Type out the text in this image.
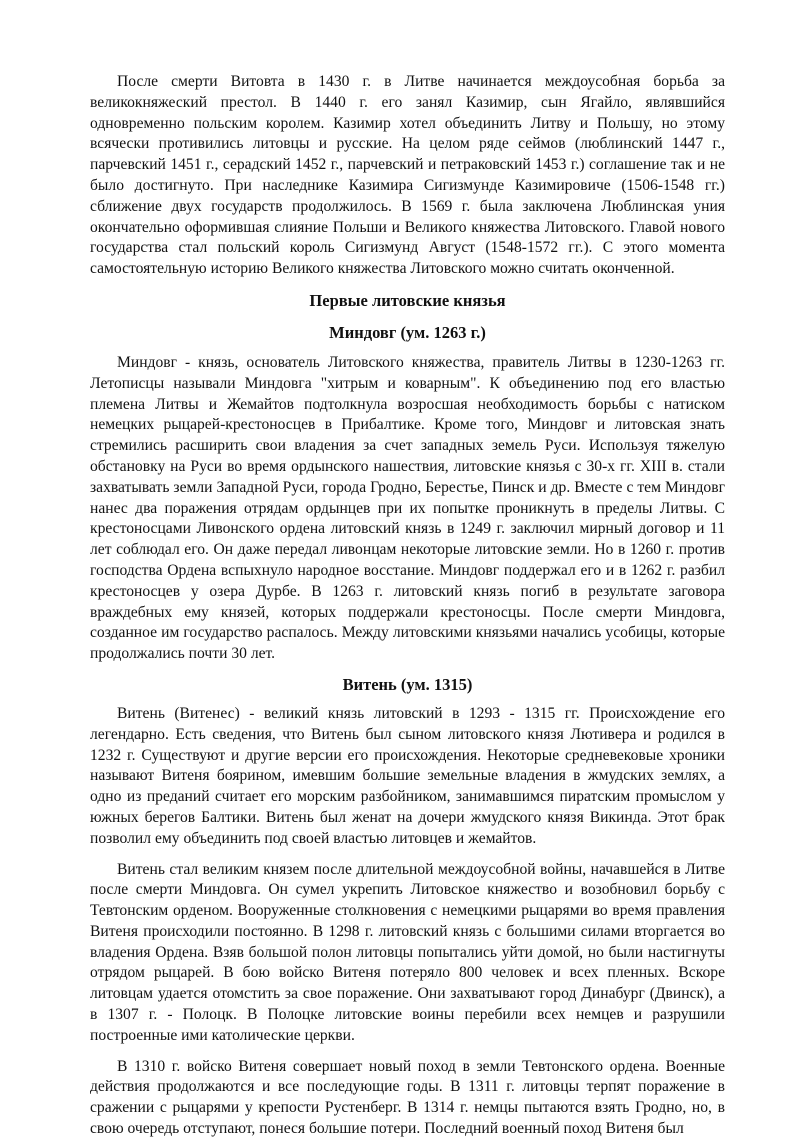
После смерти Витовта в 1430 г. в Литве начинается междоусобная борьба за великокняжеский престол. В 1440 г. его занял Казимир, сын Ягайло, являвшийся одновременно польским королем. Казимир хотел объединить Литву и Польшу, но этому всячески противились литовцы и русские. На целом ряде сеймов (люблинский 1447 г., парчевский 1451 г., серадский 1452 г., парчевский и петраковский 1453 г.) соглашение так и не было достигнуто. При наследнике Казимира Сигизмунде Казимировиче (1506-1548 гг.) сближение двух государств продолжилось. В 1569 г. была заключена Люблинская уния окончательно оформившая слияние Польши и Великого княжества Литовского. Главой нового государства стал польский король Сигизмунд Август (1548-1572 гг.). С этого момента самостоятельную историю Великого княжества Литовского можно считать оконченной.

Первые литовские князья
Миндовг (ум. 1263 г.)

Миндовг - князь, основатель Литовского княжества, правитель Литвы в 1230-1263 гг. Летописцы называли Миндовга "хитрым и коварным". К объединению под его властью племена Литвы и Жемайтов подтолкнула возросшая необходимость борьбы с натиском немецких рыцарей-крестоносцев в Прибалтике. Кроме того, Миндовг и литовская знать стремились расширить свои владения за счет западных земель Руси. Используя тяжелую обстановку на Руси во время ордынского нашествия, литовские князья с 30-х гг. XIII в. стали захватывать земли Западной Руси, города Гродно, Берестье, Пинск и др. Вместе с тем Миндовг нанес два поражения отрядам ордынцев при их попытке проникнуть в пределы Литвы. С крестоносцами Ливонского ордена литовский князь в 1249 г. заключил мирный договор и 11 лет соблюдал его. Он даже передал ливонцам некоторые литовские земли. Но в 1260 г. против господства Ордена вспыхнуло народное восстание. Миндовг поддержал его и в 1262 г. разбил крестоносцев у озера Дурбе. В 1263 г. литовский князь погиб в результате заговора враждебных ему князей, которых поддержали крестоносцы. После смерти Миндовга, созданное им государство распалось. Между литовскими князьями начались усобицы, которые продолжались почти 30 лет.

Витень (ум. 1315)

Витень (Витенес) - великий князь литовский в 1293 - 1315 гг. Происхождение его легендарно. Есть сведения, что Витень был сыном литовского князя Лютивера и родился в 1232 г. Существуют и другие версии его происхождения. Некоторые средневековые хроники называют Витеня боярином, имевшим большие земельные владения в жмудских землях, а одно из преданий считает его морским разбойником, занимавшимся пиратским промыслом у южных берегов Балтики. Витень был женат на дочери жмудского князя Викинда. Этот брак позволил ему объединить под своей властью литовцев и жемайтов.

Витень стал великим князем после длительной междоусобной войны, начавшейся в Литве после смерти Миндовга. Он сумел укрепить Литовское княжество и возобновил борьбу с Тевтонским орденом. Вооруженные столкновения с немецкими рыцарями во время правления Витеня происходили постоянно. В 1298 г. литовский князь с большими силами вторгается во владения Ордена. Взяв большой полон литовцы попытались уйти домой, но были настигнуты отрядом рыцарей. В бою войско Витеня потеряло 800 человек и всех пленных. Вскоре литовцам удается отомстить за свое поражение. Они захватывают город Динабург (Двинск), а в 1307 г. - Полоцк. В Полоцке литовские воины перебили всех немцев и разрушили построенные ими католические церкви.

В 1310 г. войско Витеня совершает новый поход в земли Тевтонского ордена. Военные действия продолжаются и все последующие годы. В 1311 г. литовцы терпят поражение в сражении с рыцарями у крепости Рустенберг. В 1314 г. немцы пытаются взять Гродно, но, в свою очередь отступают, понеся большие потери. Последний военный поход Витеня был
